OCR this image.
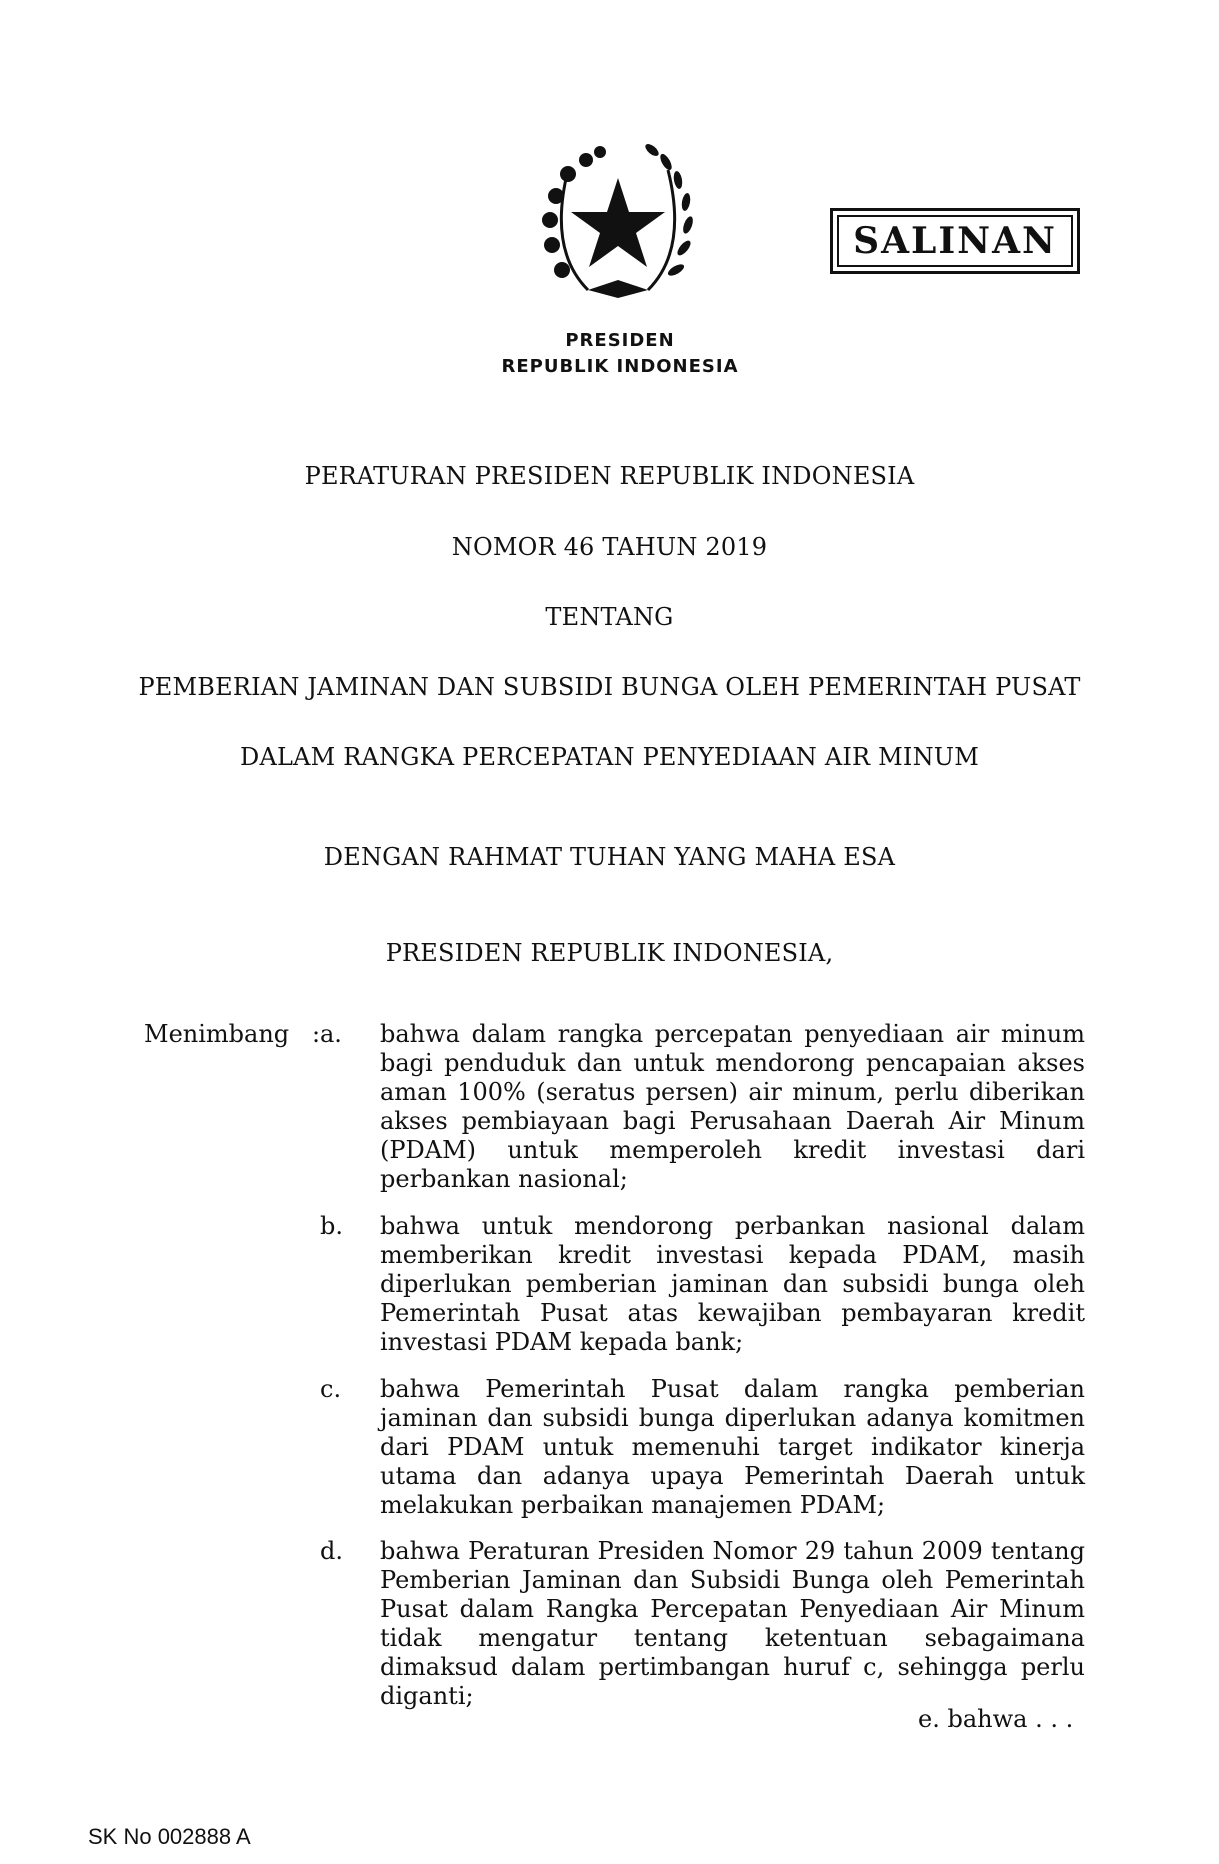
SALINAN
PRESIDEN
REPUBLIK INDONESIA
PERATURAN PRESIDEN REPUBLIK INDONESIA
NOMOR 46 TAHUN 2019
TENTANG
PEMBERIAN JAMINAN DAN SUBSIDI BUNGA OLEH PEMERINTAH PUSAT
DALAM RANGKA PERCEPATAN PENYEDIAAN AIR MINUM
DENGAN RAHMAT TUHAN YANG MAHA ESA
PRESIDEN REPUBLIK INDONESIA,
Menimbang : a. bahwa dalam rangka percepatan penyediaan air minum bagi penduduk dan untuk mendorong pencapaian akses aman 100% (seratus persen) air minum, perlu diberikan akses pembiayaan bagi Perusahaan Daerah Air Minum (PDAM) untuk memperoleh kredit investasi dari perbankan nasional;
b. bahwa untuk mendorong perbankan nasional dalam memberikan kredit investasi kepada PDAM, masih diperlukan pemberian jaminan dan subsidi bunga oleh Pemerintah Pusat atas kewajiban pembayaran kredit investasi PDAM kepada bank;
c. bahwa Pemerintah Pusat dalam rangka pemberian jaminan dan subsidi bunga diperlukan adanya komitmen dari PDAM untuk memenuhi target indikator kinerja utama dan adanya upaya Pemerintah Daerah untuk melakukan perbaikan manajemen PDAM;
d. bahwa Peraturan Presiden Nomor 29 tahun 2009 tentang Pemberian Jaminan dan Subsidi Bunga oleh Pemerintah Pusat dalam Rangka Percepatan Penyediaan Air Minum tidak mengatur tentang ketentuan sebagaimana dimaksud dalam pertimbangan huruf c, sehingga perlu diganti;
e. bahwa . . .
SK No 002888 A
